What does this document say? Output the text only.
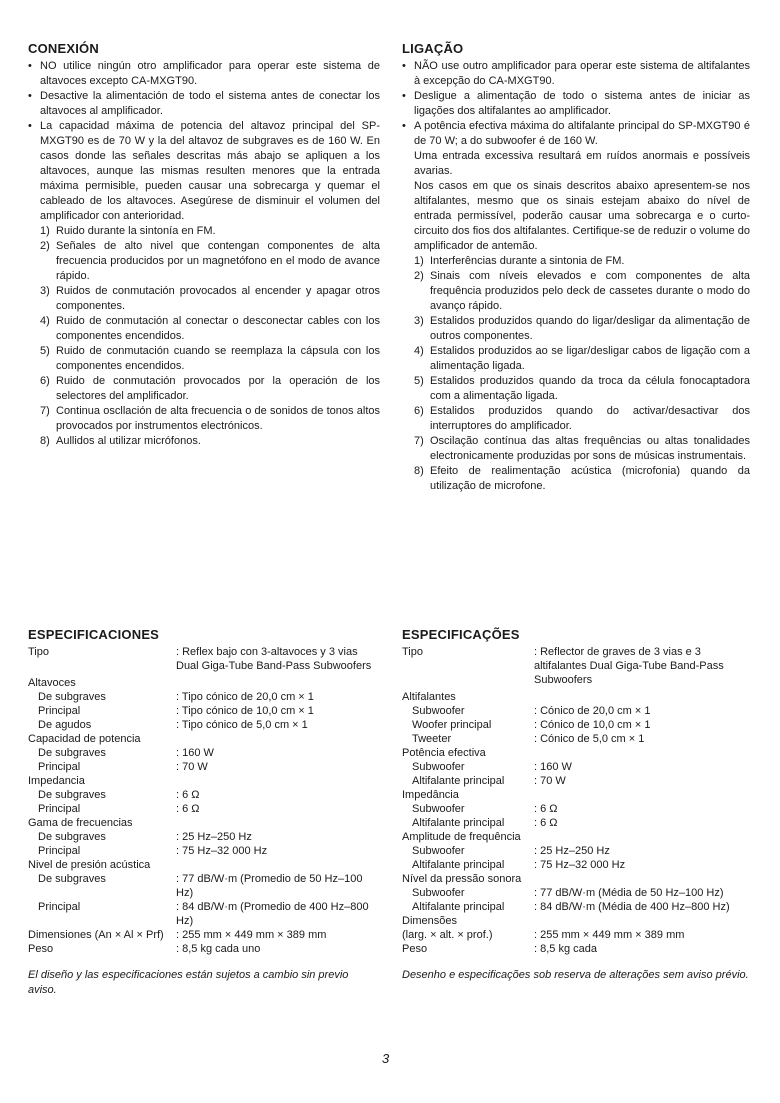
CONEXIÓN
• NO utilice ningún otro amplificador para operar este sistema de altavoces excepto CA-MXGT90.
• Desactive la alimentación de todo el sistema antes de conectar los altavoces al amplificador.
• La capacidad máxima de potencia del altavoz principal del SP-MXGT90 es de 70 W y la del altavoz de subgraves es de 160 W. En casos donde las señales descritas más abajo se apliquen a los altavoces, aunque las mismas resulten menores que la entrada máxima permisible, pueden causar una sobrecarga y quemar el cableado de los altavoces. Asegúrese de disminuir el volumen del amplificador con anterioridad.
1) Ruido durante la sintonía en FM.
2) Señales de alto nivel que contengan componentes de alta frecuencia producidos por un magnetófono en el modo de avance rápido.
3) Ruidos de conmutación provocados al encender y apagar otros componentes.
4) Ruido de conmutación al conectar o desconectar cables con los componentes encendidos.
5) Ruido de conmutación cuando se reemplaza la cápsula con los componentes encendidos.
6) Ruido de conmutación provocados por la operación de los selectores del amplificador.
7) Continua oscllación de alta frecuencia o de sonidos de tonos altos provocados por instrumentos electrónicos.
8) Aullidos al utilizar micrófonos.
LIGAÇÃO
• NÃO use outro amplificador para operar este sistema de altifalantes à excepção do CA-MXGT90.
• Desligue a alimentação de todo o sistema antes de iniciar as ligações dos altifalantes ao amplificador.
• A potência efectiva máxima do altifalante principal do SP-MXGT90 é de 70 W; a do subwoofer é de 160 W.

Uma entrada excessiva resultará em ruídos anormais e possíveis avarias.

Nos casos em que os sinais descritos abaixo apresentem-se nos altifalantes, mesmo que os sinais estejam abaixo do nível de entrada permissível, poderão causar uma sobrecarga e o curto-circuito dos fios dos altifalantes. Certifique-se de reduzir o volume do amplificador de antemão.

1) Interferências durante a sintonia de FM.
2) Sinais com níveis elevados e com componentes de alta frequência produzidos pelo deck de cassetes durante o modo do avanço rápido.
3) Estalidos produzidos quando do ligar/desligar da alimentação de outros componentes.
4) Estalidos produzidos ao se ligar/desligar cabos de ligação com a alimentação ligada.
5) Estalidos produzidos quando da troca da célula fonocaptadora com a alimentação ligada.
6) Estalidos produzidos quando do activar/desactivar dos interruptores do amplificador.
7) Oscilação contínua das altas frequências ou altas tonalidades electronicamente produzidas por sons de músicas instrumentais.
8) Efeito de realimentação acústica (microfonia) quando da utilização de microfone.
ESPECIFICACIONES
Tipo	: Reflex bajo con 3-altavoces y 3 vias Dual Giga-Tube Band-Pass Subwoofers
Altavoces	
De subgraves	: Tipo cónico de 20,0 cm × 1
Principal	: Tipo cónico de 10,0 cm × 1
De agudos	: Tipo cónico de 5,0 cm × 1
Capacidad de potencia	
De subgraves	: 160 W
Principal	: 70 W
Impedancia	
De subgraves	: 6 Ω
Principal	: 6 Ω
Gama de frecuencias	
De subgraves	: 25 Hz–250 Hz
Principal	: 75 Hz–32 000 Hz
Nivel de presión acústica	
De subgraves	: 77 dB/W·m (Promedio de 50 Hz–100 Hz)
Principal	: 84 dB/W·m (Promedio de 400 Hz–800 Hz)
Dimensiones (An × Al × Prf)	: 255 mm × 449 mm × 389 mm
Peso	: 8,5 kg cada uno
El diseño y las especificaciones están sujetos a cambio sin previo aviso.
ESPECIFICAÇÕES
Tipo	: Reflector de graves de 3 vias e 3 altifalantes Dual Giga-Tube Band-Pass Subwoofers
Altifalantes	
Subwoofer	: Cónico de 20,0 cm × 1
Woofer principal	: Cónico de 10,0 cm × 1
Tweeter	: Cónico de 5,0 cm × 1
Potência efectiva	
Subwoofer	: 160 W
Altifalante principal	: 70 W
Impedância	
Subwoofer	: 6 Ω
Altifalante principal	: 6 Ω
Amplitude de frequência	
Subwoofer	: 25 Hz–250 Hz
Altifalante principal	: 75 Hz–32 000 Hz
Nível da pressão sonora	
Subwoofer	: 77 dB/W·m (Média de 50 Hz–100 Hz)
Altifalante principal	: 84 dB/W·m (Média de 400 Hz–800 Hz)
Dimensões	
(larg. × alt. × prof.)	: 255 mm × 449 mm × 389 mm
Peso	: 8,5 kg cada
Desenho e especificações sob reserva de alterações sem aviso prévio.
3
